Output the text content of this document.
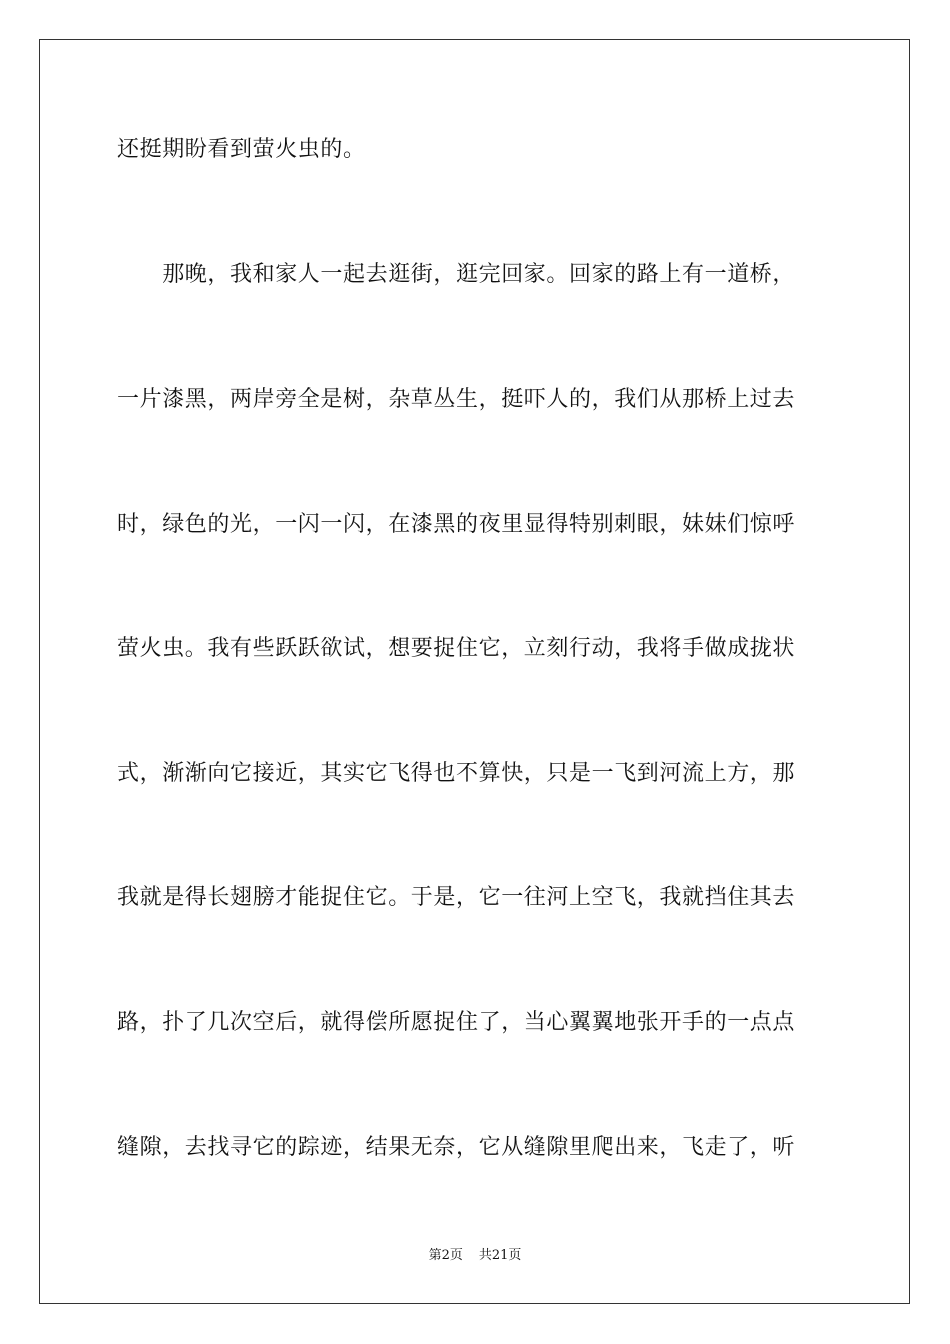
还挺期盼看到萤火虫的。
　　那晚，我和家人一起去逛街，逛完回家。回家的路上有一道桥，
一片漆黑，两岸旁全是树，杂草丛生，挺吓人的，我们从那桥上过去
时，绿色的光，一闪一闪，在漆黑的夜里显得特别刺眼，妹妹们惊呼
萤火虫。我有些跃跃欲试，想要捉住它，立刻行动，我将手做成拢状
式，渐渐向它接近，其实它飞得也不算快，只是一飞到河流上方，那
我就是得长翅膀才能捉住它。于是，它一往河上空飞，我就挡住其去
路，扑了几次空后，就得偿所愿捉住了，当心翼翼地张开手的一点点
缝隙，去找寻它的踪迹，结果无奈，它从缝隙里爬出来，飞走了，听
第2页 共21页
